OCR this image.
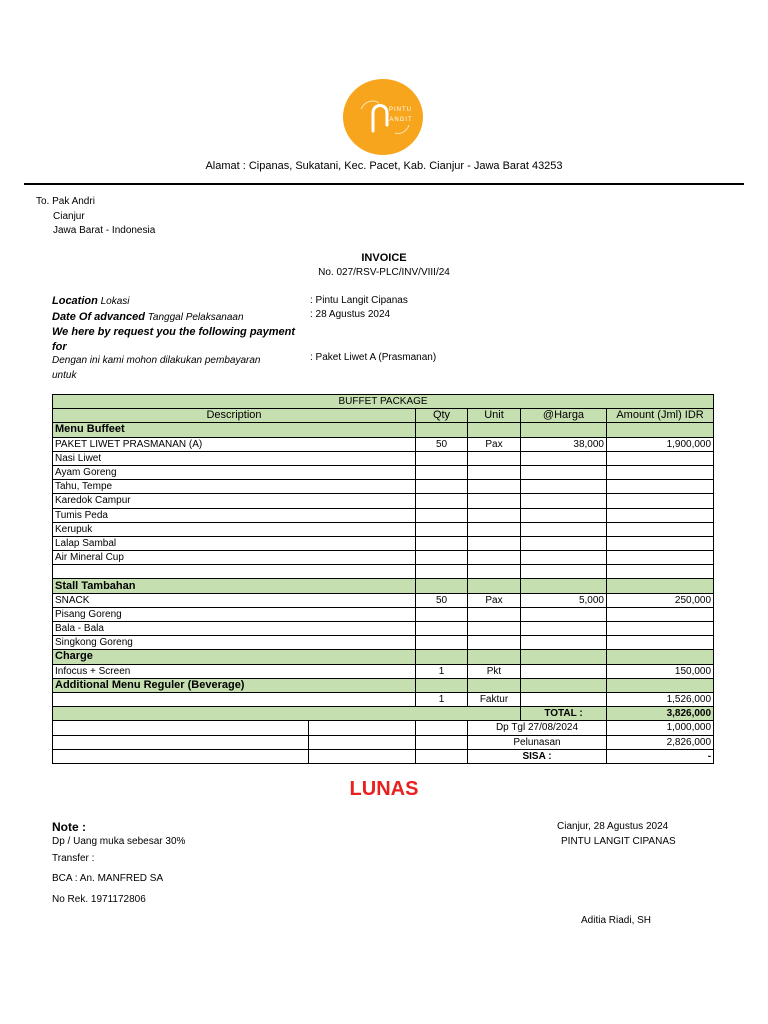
PINTU
LANGIT
Alamat : Cipanas, Sukatani, Kec. Pacet, Kab. Cianjur - Jawa Barat 43253
To. Pak Andri
Cianjur
Jawa Barat - Indonesia
INVOICE
No. 027/RSV-PLC/INV/VIII/24
Location Lokasi
Date Of advanced Tanggal Pelaksanaan
We here by request you the following payment
for
Dengan ini kami mohon dilakukan pembayaran
untuk
: Pintu Langit Cipanas
: 28 Agustus 2024
: Paket Liwet A (Prasmanan)
BUFFET PACKAGE					
Description		Qty	Unit	@Harga	Amount (Jml) IDR
Menu Buffeet					
PAKET LIWET PRASMANAN (A)		50	Pax	38,000	1,900,000
Nasi Liwet					
Ayam Goreng					
Tahu, Tempe					
Karedok Campur					
Tumis Peda					
Kerupuk					
Lalap Sambal					
Air Mineral Cup					

Stall Tambahan					
SNACK		50	Pax	5,000	250,000
Pisang Goreng					
Bala - Bala					
Singkong Goreng					
Charge					
Infocus + Screen		1	Pkt		150,000
Additional Menu Reguler (Beverage)					
		1	Faktur		1,526,000
				TOTAL :	3,826,000
			Dp Tgl 27/08/2024		1,000,000
			Pelunasan		2,826,000
			SISA :		-
LUNAS
Note :
Dp / Uang muka sebesar 30%
Transfer :
BCA : An. MANFRED SA
No Rek. 1971172806
Cianjur, 28 Agustus 2024
PINTU LANGIT CIPANAS
Aditia Riadi, SH
